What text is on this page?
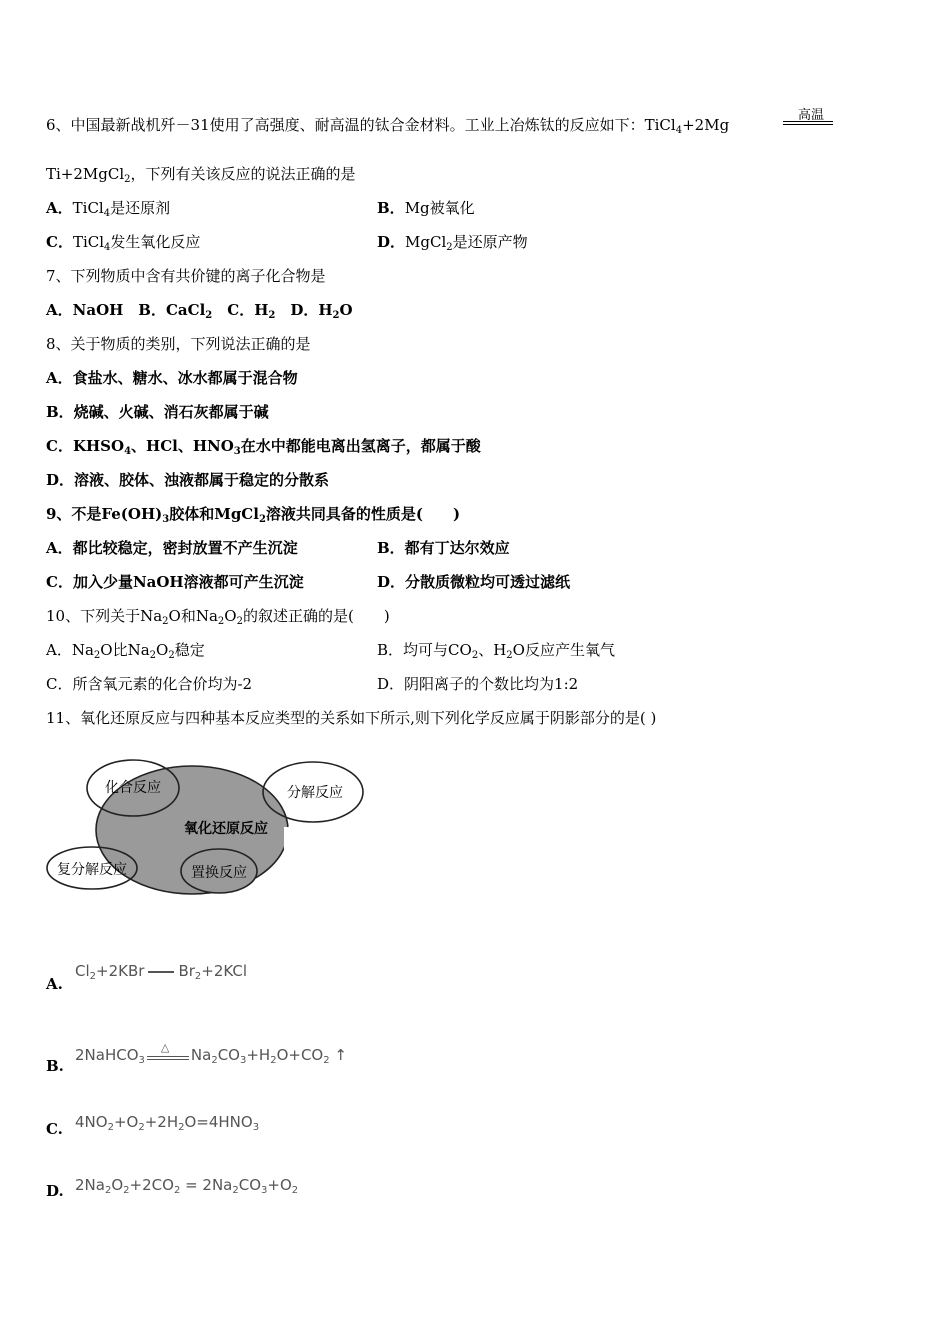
6、中国最新战机歼－31使用了高强度、耐高温的钛合金材料。工业上冶炼钛的反应如下：TiCl$_4$+2Mg
高温
Ti+2MgCl$_2$，下列有关该反应的说法正确的是
A．TiCl$_4$是还原剂	B．Mg被氧化
C．TiCl$_4$发生氧化反应	D．MgCl$_2$是还原产物
7、下列物质中含有共价键的离子化合物是
A．NaOH　B．CaCl$_2$　C．$H_2$　D．$H_2O$
8、关于物质的类别，下列说法正确的是
A．食盐水、糖水、冰水都属于混合物
B．烧碱、火碱、消石灰都属于碱
C．$KHSO_4$、HCl、$HNO_3$在水中都能电离出氢离子，都属于酸
D．溶液、胶体、浊液都属于稳定的分散系
9、不是$Fe(OH)_3$胶体和MgCl$_2$溶液共同具备的性质是(　　)
A．都比较稳定，密封放置不产生沉淀	B．都有丁达尔效应
C．加入少量NaOH溶液都可产生沉淀	D．分散质微粒均可透过滤纸
10、下列关于$Na_2O$和$Na_2O_2$的叙述正确的是(　　)
A．$Na_2O$比$Na_2O_2$稳定	B．均可与$CO_2$、$H_2O$反应产生氧气
C．所含氧元素的化合价均为-2	D．阴阳离子的个数比均为1:2
11、氧化还原反应与四种基本反应类型的关系如下所示,则下列化学反应属于阴影部分的是( )
化合反应	分解反应
氧化还原反应
复分解反应	置换反应
A.
$Cl_2+2KBr$ $Br_2+2KCl$
B.
2NaHCO$_3$
△ $Na_2CO_3+H_2O+CO_2$ ↑
C. $4NO_2+O_2+2H_2O=4HNO_3$
D. $2Na_2O_2+2CO_2 = 2Na_2CO_3+O_2$
